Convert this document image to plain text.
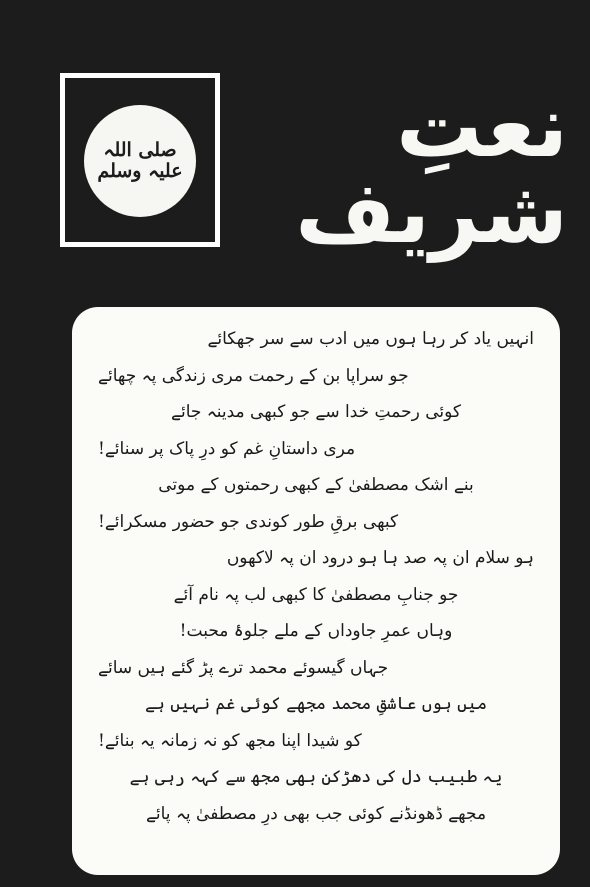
صلی اللہ علیہ وسلم	نعتِ شریف
انہیں یاد کر رہا ہوں میں ادب سے سر جھکائے
جو سراپا بن کے رحمت مری زندگی پہ چھائے
کوئی رحمتِ خدا سے جو کبھی مدینہ جائے
مری داستانِ غم کو درِ پاک پر سنائے!
بنے اشک مصطفیٰ کے کبھی رحمتوں کے موتی
کبھی برقِ طور کوندی جو حضور مسکرائے!
ہو سلام ان پہ صد ہا ہو درود ان پہ لاکھوں
جو جنابِ مصطفیٰ کا کبھی لب پہ نام آئے
وہاں عمرِ جاوداں کے ملے جلوۂ محبت!
جہاں گیسوئے محمد ترے پڑ گئے ہیں سائے
میں ہوں عاشقِ محمد مجھے کوئی غم نہیں ہے
کو شیدا اپنا مجھ کو نہ زمانہ یہ بنائے!
یہ طبیب دل کی دھڑکن بھی مجھ سے کہہ رہی ہے
مجھے ڈھونڈنے کوئی جب بھی درِ مصطفیٰ پہ پائے
